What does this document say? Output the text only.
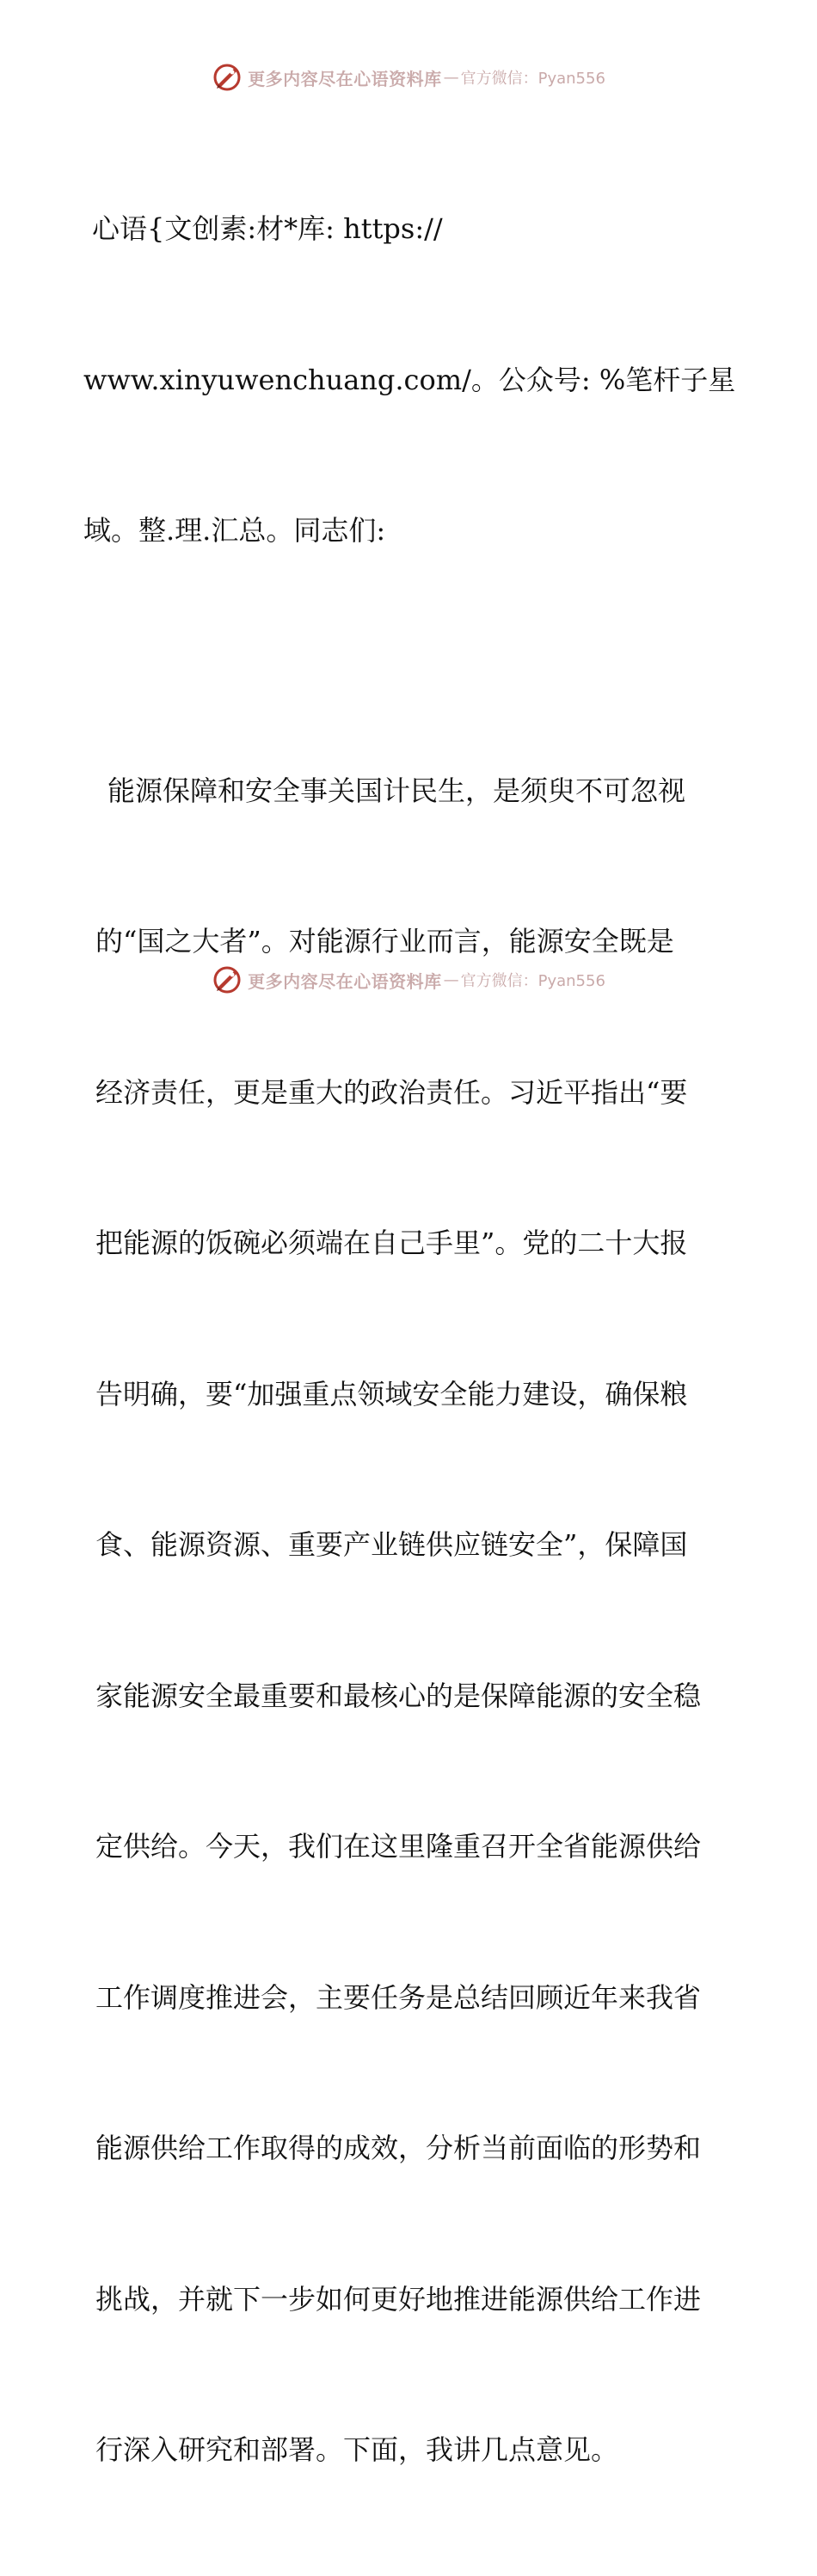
更多内容尽在心语资料库 — 官方微信：Pyan556

心语{文创素:材*库: https://

www.xinyuwenchuang.com/。公众号: %笔杆子星

域。整.理.汇总。同志们:

能源保障和安全事关国计民生，是须臾不可忽视

的“国之大者”。对能源行业而言，能源安全既是

经济责任，更是重大的政治责任。习近平指出“要

把能源的饭碗必须端在自己手里”。党的二十大报

告明确，要“加强重点领域安全能力建设，确保粮

食、能源资源、重要产业链供应链安全”，保障国

家能源安全最重要和最核心的是保障能源的安全稳

定供给。今天，我们在这里隆重召开全省能源供给

工作调度推进会，主要任务是总结回顾近年来我省

能源供给工作取得的成效，分析当前面临的形势和

挑战，并就下一步如何更好地推进能源供给工作进

行深入研究和部署。下面，我讲几点意见。

更多内容尽在心语资料库 — 官方微信：Pyan556
